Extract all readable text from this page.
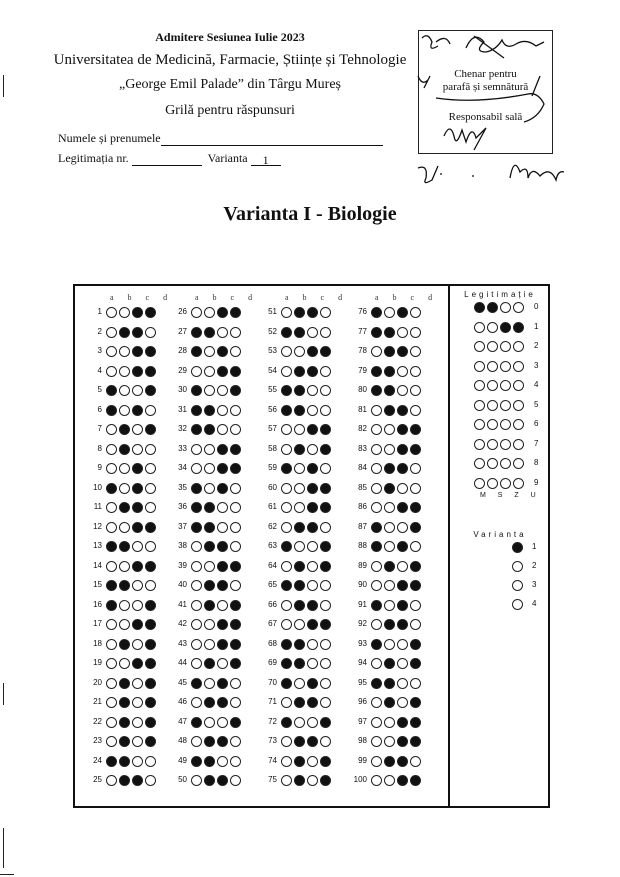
Admitere Sesiunea Iulie 2023
Universitatea de Medicină, Farmacie, Științe și Tehnologie
„George Emil Palade” din Târgu Mureș
Grilă pentru răspunsuri
Numele și prenumele
Legitimația nr.	Varianta 1
Chenar pentru
parafă și semnătură
Responsabil sală
Varianta I - Biologie
a b c d
1
2
3
4
5
6
7
8
9
10
11
12
13
14
15
16
17
18
19
20
21
22
23
24
25
a b c d
26
27
28
29
30
31
32
33
34
35
36
37
38
39
40
41
42
43
44
45
46
47
48
49
50
a b c d
51
52
53
54
55
56
57
58
59
60
61
62
63
64
65
66
67
68
69
70
71
72
73
74
75
a b c d
76
77
78
79
80
81
82
83
84
85
86
87
88
89
90
91
92
93
94
95
96
97
98
99
100
Legitimație
0
1
2
3
4
5
6
7
8
9
M S Z U
Varianta
1
2
3
4
